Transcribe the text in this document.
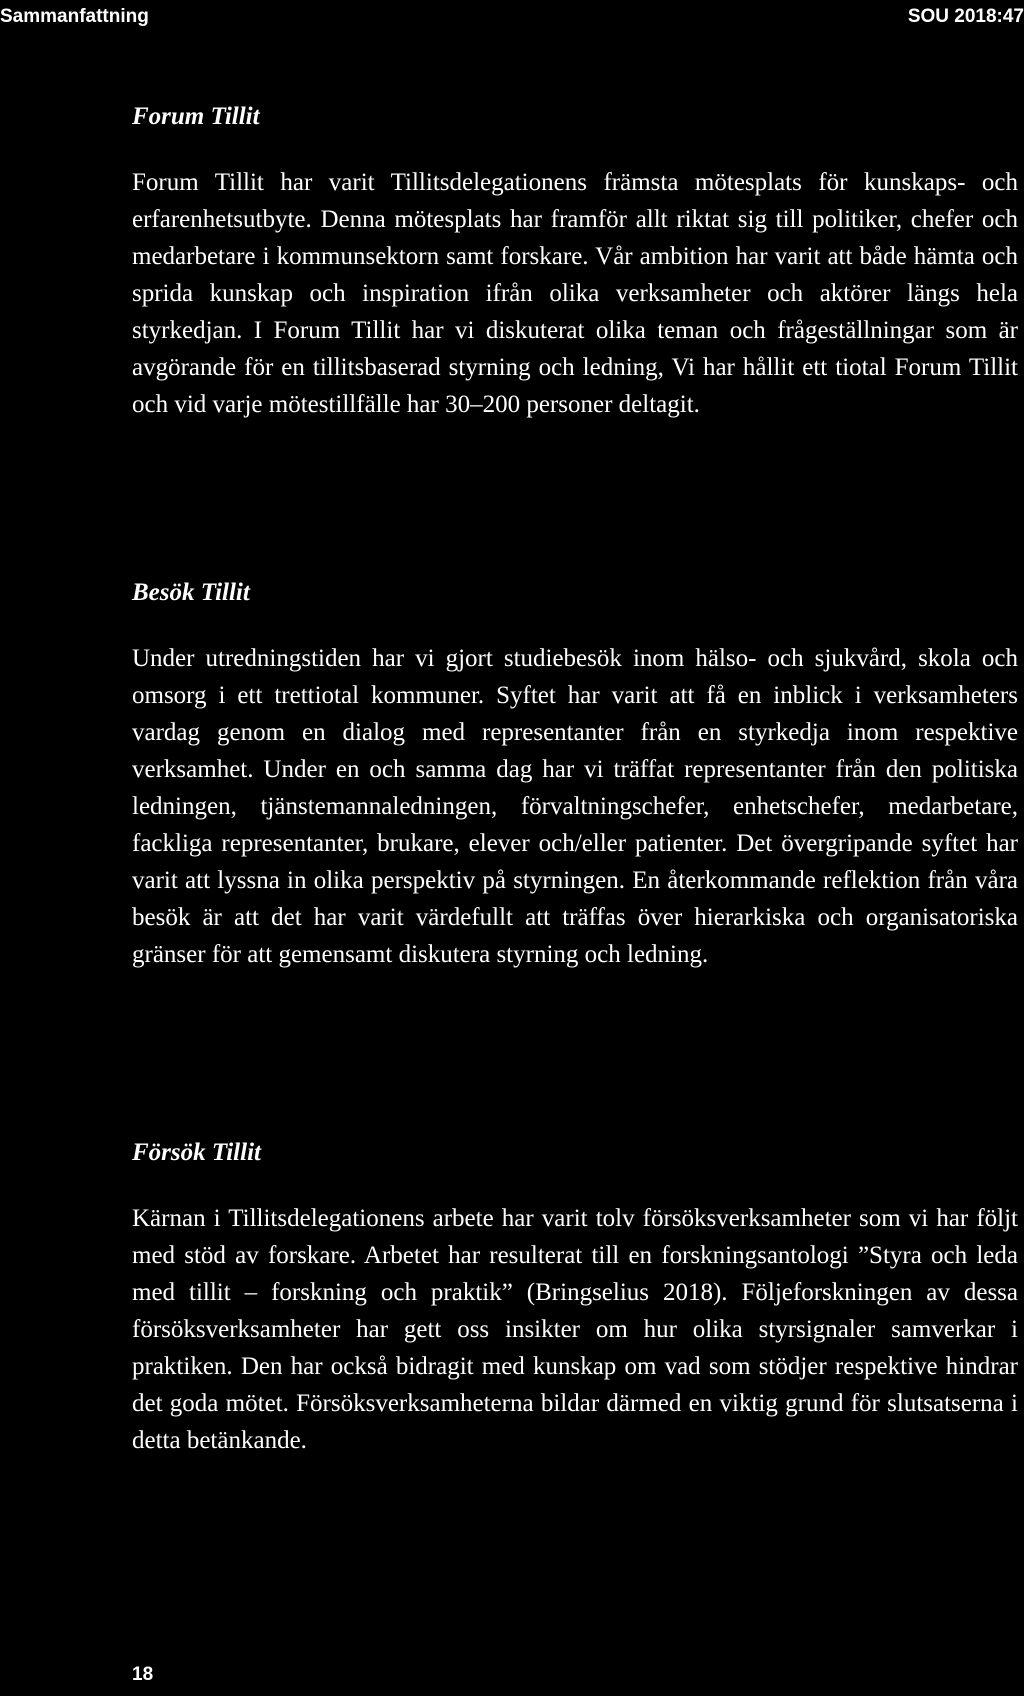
Sammanfattning	SOU 2018:47
Forum Tillit

Forum Tillit har varit Tillitsdelegationens främsta mötesplats för kunskaps- och erfarenhetsutbyte. Denna mötesplats har framför allt riktat sig till politiker, chefer och medarbetare i kommunsektorn samt forskare. Vår ambition har varit att både hämta och sprida kunskap och inspiration ifrån olika verksamheter och aktörer längs hela styrkedjan. I Forum Tillit har vi diskuterat olika teman och frågeställningar som är avgörande för en tillitsbaserad styrning och ledning, Vi har hållit ett tiotal Forum Tillit och vid varje mötestillfälle har 30–200 personer deltagit.

Besök Tillit

Under utredningstiden har vi gjort studiebesök inom hälso- och sjukvård, skola och omsorg i ett trettiotal kommuner. Syftet har varit att få en inblick i verksamheters vardag genom en dialog med representanter från en styrkedja inom respektive verksamhet. Under en och samma dag har vi träffat representanter från den politiska ledningen, tjänstemannaledningen, förvaltningschefer, enhetschefer, medarbetare, fackliga representanter, brukare, elever och/eller patienter. Det övergripande syftet har varit att lyssna in olika perspektiv på styrningen. En återkommande reflektion från våra besök är att det har varit värdefullt att träffas över hierarkiska och organisatoriska gränser för att gemensamt diskutera styrning och ledning.

Försök Tillit

Kärnan i Tillitsdelegationens arbete har varit tolv försöksverksamheter som vi har följt med stöd av forskare. Arbetet har resulterat till en forskningsantologi ”Styra och leda med tillit – forskning och praktik” (Bringselius 2018). Följeforskningen av dessa försöksverksamheter har gett oss insikter om hur olika styrsignaler samverkar i praktiken. Den har också bidragit med kunskap om vad som stödjer respektive hindrar det goda mötet. Försöksverksamheterna bildar därmed en viktig grund för slutsatserna i detta betänkande.

18
